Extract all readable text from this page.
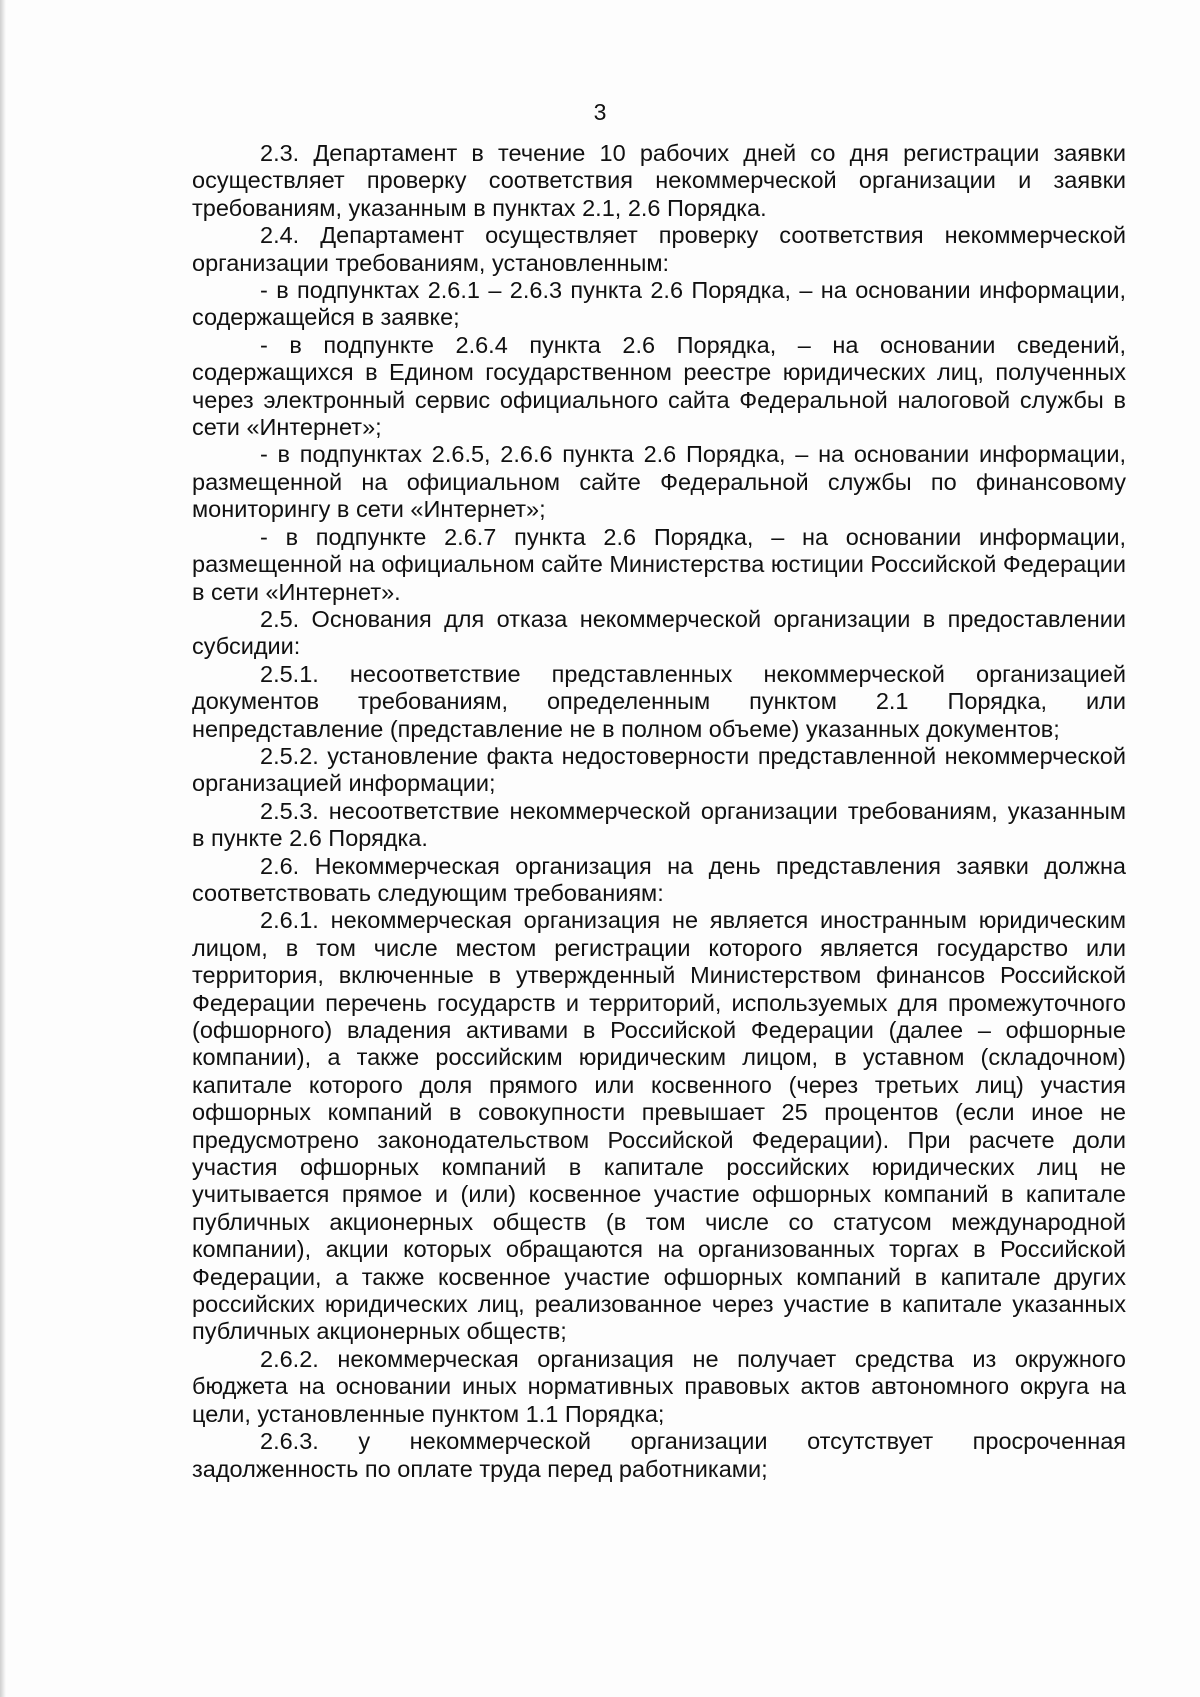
3

2.3. Департамент в течение 10 рабочих дней со дня регистрации заявки осуществляет проверку соответствия некоммерческой организации и заявки требованиям, указанным в пунктах 2.1, 2.6 Порядка.

2.4. Департамент осуществляет проверку соответствия некоммерческой организации требованиям, установленным:

- в подпунктах 2.6.1 – 2.6.3 пункта 2.6 Порядка, – на основании информации, содержащейся в заявке;

- в подпункте 2.6.4 пункта 2.6 Порядка, – на основании сведений, содержащихся в Едином государственном реестре юридических лиц, полученных через электронный сервис официального сайта Федеральной налоговой службы в сети «Интернет»;

- в подпунктах 2.6.5, 2.6.6 пункта 2.6 Порядка, – на основании информации, размещенной на официальном сайте Федеральной службы по финансовому мониторингу в сети «Интернет»;

- в подпункте 2.6.7 пункта 2.6 Порядка, – на основании информации, размещенной на официальном сайте Министерства юстиции Российской Федерации в сети «Интернет».

2.5. Основания для отказа некоммерческой организации в предоставлении субсидии:

2.5.1. несоответствие представленных некоммерческой организацией документов требованиям, определенным пунктом 2.1 Порядка, или непредставление (представление не в полном объеме) указанных документов;

2.5.2. установление факта недостоверности представленной некоммерческой организацией информации;

2.5.3. несоответствие некоммерческой организации требованиям, указанным в пункте 2.6 Порядка.

2.6. Некоммерческая организация на день представления заявки должна соответствовать следующим требованиям:

2.6.1. некоммерческая организация не является иностранным юридическим лицом, в том числе местом регистрации которого является государство или территория, включенные в утвержденный Министерством финансов Российской Федерации перечень государств и территорий, используемых для промежуточного (офшорного) владения активами в Российской Федерации (далее – офшорные компании), а также российским юридическим лицом, в уставном (складочном) капитале которого доля прямого или косвенного (через третьих лиц) участия офшорных компаний в совокупности превышает 25 процентов (если иное не предусмотрено законодательством Российской Федерации). При расчете доли участия офшорных компаний в капитале российских юридических лиц не учитывается прямое и (или) косвенное участие офшорных компаний в капитале публичных акционерных обществ (в том числе со статусом международной компании), акции которых обращаются на организованных торгах в Российской Федерации, а также косвенное участие офшорных компаний в капитале других российских юридических лиц, реализованное через участие в капитале указанных публичных акционерных обществ;

2.6.2. некоммерческая организация не получает средства из окружного бюджета на основании иных нормативных правовых актов автономного округа на цели, установленные пунктом 1.1 Порядка;

2.6.3. у некоммерческой организации отсутствует просроченная задолженность по оплате труда перед работниками;
